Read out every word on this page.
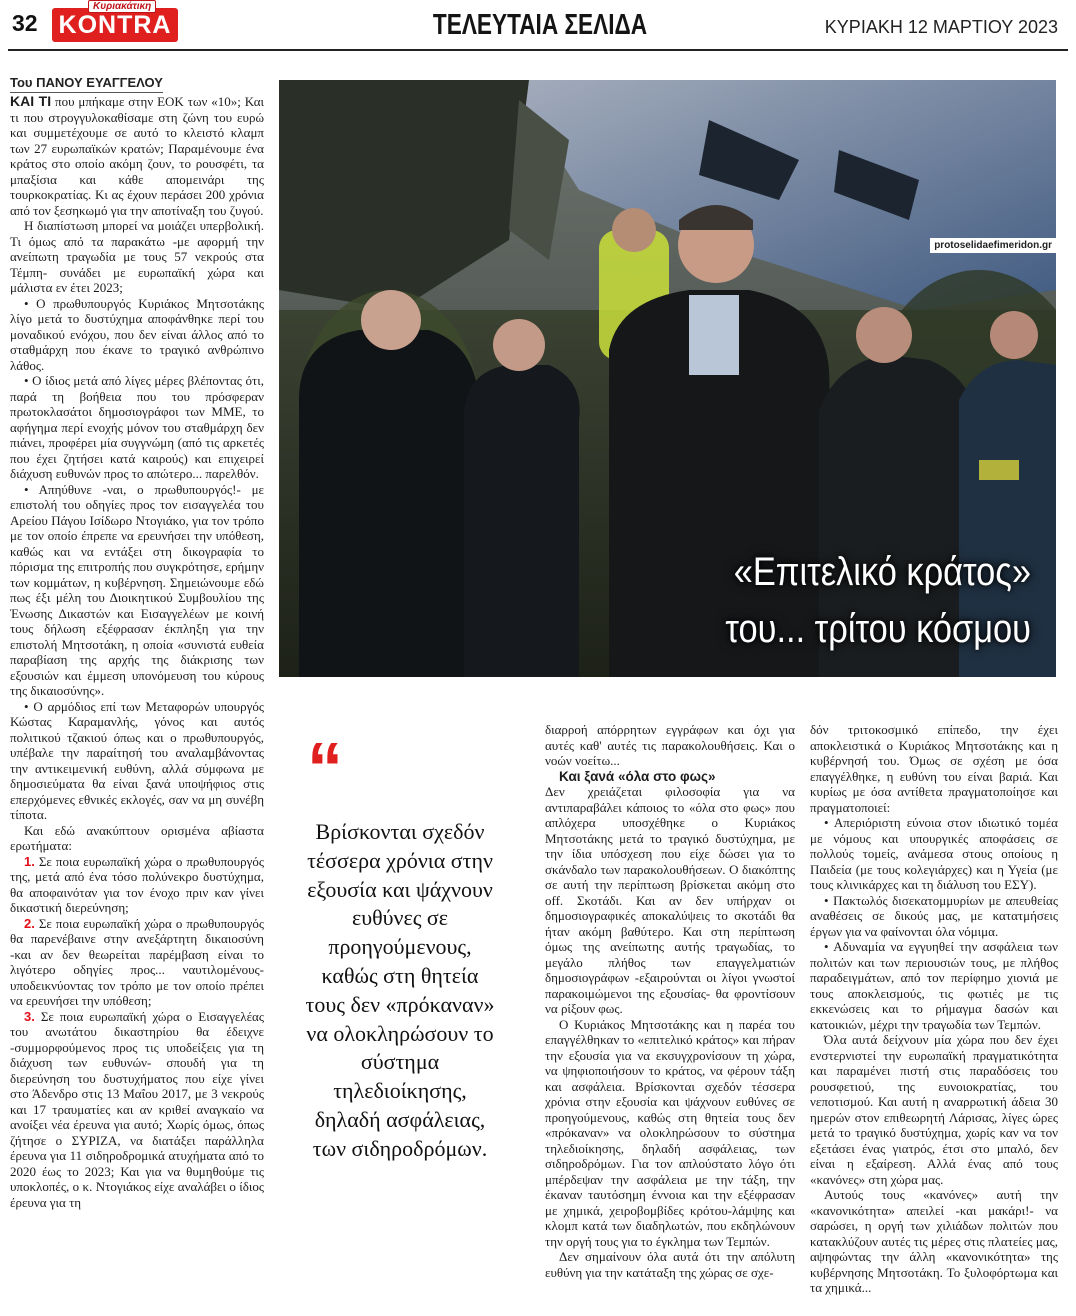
32
Κυριακάτικη
KONTRA	ΤΕΛΕΥΤΑΙΑ ΣΕΛΙΔΑ	ΚΥΡΙΑΚΗ 12 ΜΑΡΤΙΟΥ 2023
Του ΠΑΝΟΥ ΕΥΑΓΓΕΛΟΥ

ΚΑΙ ΤΙ που μπήκαμε στην ΕΟΚ των «10»; Και τι που στρογγυλοκαθίσαμε στη ζώνη του ευρώ και συμμετέχουμε σε αυτό το κλειστό κλαμπ των 27 ευρωπαϊκών κρατών; Παραμένουμε ένα κράτος στο οποίο ακόμη ζουν, το ρουσφέτι, τα μπαξίσια και κάθε απομεινάρι της τουρκοκρατίας. Κι ας έχουν περάσει 200 χρόνια από τον ξεσηκωμό για την αποτίναξη του ζυγού.

Η διαπίστωση μπορεί να μοιάζει υπερβολική. Τι όμως από τα παρακάτω -με αφορμή την ανείπωτη τραγωδία με τους 57 νεκρούς στα Τέμπη- συνάδει με ευρωπαϊκή χώρα και μάλιστα εν έτει 2023;

• Ο πρωθυπουργός Κυριάκος Μητσοτάκης λίγο μετά το δυστύχημα αποφάνθηκε περί του μοναδικού ενόχου, που δεν είναι άλλος από το σταθμάρχη που έκανε το τραγικό ανθρώπινο λάθος.

• Ο ίδιος μετά από λίγες μέρες βλέποντας ότι, παρά τη βοήθεια που του πρόσφεραν πρωτοκλασάτοι δημοσιογράφοι των ΜΜΕ, το αφήγημα περί ενοχής μόνον του σταθμάρχη δεν πιάνει, προφέρει μία συγγνώμη (από τις αρκετές που έχει ζητήσει κατά καιρούς) και επιχειρεί διάχυση ευθυνών προς το απώτερο... παρελθόν.

• Απηύθυνε -ναι, ο πρωθυπουργός!- με επιστολή του οδηγίες προς τον εισαγγελέα του Αρείου Πάγου Ισίδωρο Ντογιάκο, για τον τρόπο με τον οποίο έπρεπε να ερευνήσει την υπόθεση, καθώς και να εντάξει στη δικογραφία το πόρισμα της επιτροπής που συγκρότησε, ερήμην των κομμάτων, η κυβέρνηση. Σημειώνουμε εδώ πως έξι μέλη του Διοικητικού Συμβουλίου της Ένωσης Δικαστών και Εισαγγελέων με κοινή τους δήλωση εξέφρασαν έκπληξη για την επιστολή Μητσοτάκη, η οποία «συνιστά ευθεία παραβίαση της αρχής της διάκρισης των εξουσιών και έμμεση υπονόμευση του κύρους της δικαιοσύνης».

• Ο αρμόδιος επί των Μεταφορών υπουργός Κώστας Καραμανλής, γόνος και αυτός πολιτικού τζακιού όπως και ο πρωθυπουργός, υπέβαλε την παραίτησή του αναλαμβάνοντας την αντικειμενική ευθύνη, αλλά σύμφωνα με δημοσιεύματα θα είναι ξανά υποψήφιος στις επερχόμενες εθνικές εκλογές, σαν να μη συνέβη τίποτα.

Και εδώ ανακύπτουν ορισμένα αβίαστα ερωτήματα:

1. Σε ποια ευρωπαϊκή χώρα ο πρωθυπουργός της, μετά από ένα τόσο πολύνεκρο δυστύχημα, θα αποφαινόταν για τον ένοχο πριν καν γίνει δικαστική διερεύνηση;

2. Σε ποια ευρωπαϊκή χώρα ο πρωθυπουργός θα παρενέβαινε στην ανεξάρτητη δικαιοσύνη -και αν δεν θεωρείται παρέμβαση είναι το λιγότερο οδηγίες προς... ναυτιλομένους- υποδεικνύοντας τον τρόπο με τον οποίο πρέπει να ερευνήσει την υπόθεση;

3. Σε ποια ευρωπαϊκή χώρα ο Εισαγγελέας του ανωτάτου δικαστηρίου θα έδειχνε -συμμορφούμενος προς τις υποδείξεις για τη διάχυση των ευθυνών- σπουδή για τη διερεύνηση του δυστυχήματος που είχε γίνει στο Άδενδρο στις 13 Μαΐου 2017, με 3 νεκρούς και 17 τραυματίες και αν κριθεί αναγκαίο να ανοίξει νέα έρευνα για αυτό; Χωρίς όμως, όπως ζήτησε ο ΣΥΡΙΖΑ, να διατάξει παράλληλα έρευνα για 11 σιδηροδρομικά ατυχήματα από το 2020 έως το 2023; Και για να θυμηθούμε τις υποκλοπές, ο κ. Ντογιάκος είχε αναλάβει ο ίδιος έρευνα για τη

protoselidaefimeridon.gr
«Επιτελικό κράτος»
του... τρίτου κόσμου
“
Βρίσκονται σχεδόν τέσσερα χρόνια στην εξουσία και ψάχνουν ευθύνες σε προηγούμενους, καθώς στη θητεία τους δεν «πρόκαναν» να ολοκληρώσουν το σύστημα τηλεδιοίκησης, δηλαδή ασφάλειας, των σιδηροδρόμων.

διαρροή απόρρητων εγγράφων και όχι για αυτές καθ' αυτές τις παρακολουθήσεις. Και ο νοών νοείτω...

Και ξανά «όλα στο φως»

Δεν χρειάζεται φιλοσοφία για να αντιπαραβάλει κάποιος το «όλα στο φως» που απλόχερα υποσχέθηκε ο Κυριάκος Μητσοτάκης μετά το τραγικό δυστύχημα, με την ίδια υπόσχεση που είχε δώσει για το σκάνδαλο των παρακολουθήσεων. Ο διακόπτης σε αυτή την περίπτωση βρίσκεται ακόμη στο off. Σκοτάδι. Και αν δεν υπήρχαν οι δημοσιογραφικές αποκαλύψεις το σκοτάδι θα ήταν ακόμη βαθύτερο. Και στη περίπτωση όμως της ανείπωτης αυτής τραγωδίας, το μεγάλο πλήθος των επαγγελματιών δημοσιογράφων -εξαιρούνται οι λίγοι γνωστοί παρακοιμώμενοι της εξουσίας- θα φροντίσουν να ρίξουν φως.

Ο Κυριάκος Μητσοτάκης και η παρέα του επαγγέλθηκαν το «επιτελικό κράτος» και πήραν την εξουσία για να εκσυγχρονίσουν τη χώρα, να ψηφιοποιήσουν το κράτος, να φέρουν τάξη και ασφάλεια. Βρίσκονται σχεδόν τέσσερα χρόνια στην εξουσία και ψάχνουν ευθύνες σε προηγούμενους, καθώς στη θητεία τους δεν «πρόκαναν» να ολοκληρώσουν το σύστημα τηλεδιοίκησης, δηλαδή ασφάλειας, των σιδηροδρόμων. Για τον απλούστατο λόγο ότι μπέρδεψαν την ασφάλεια με την τάξη, την έκαναν ταυτόσημη έννοια και την εξέφρασαν με χημικά, χειροβομβίδες κρότου-λάμψης και κλομπ κατά των διαδηλωτών, που εκδηλώνουν την οργή τους για το έγκλημα των Τεμπών.

Δεν σημαίνουν όλα αυτά ότι την απόλυτη ευθύνη για την κατάταξη της χώρας σε σχε-

δόν τριτοκοσμικό επίπεδο, την έχει αποκλειστικά ο Κυριάκος Μητσοτάκης και η κυβέρνησή του. Όμως σε σχέση με όσα επαγγέλθηκε, η ευθύνη του είναι βαριά. Και κυρίως με όσα αντίθετα πραγματοποίησε και πραγματοποιεί:

• Απεριόριστη εύνοια στον ιδιωτικό τομέα με νόμους και υπουργικές αποφάσεις σε πολλούς τομείς, ανάμεσα στους οποίους η Παιδεία (με τους κολεγιάρχες) και η Υγεία (με τους κλινικάρχες και τη διάλυση του ΕΣΥ).

• Πακτωλός δισεκατομμυρίων με απευθείας αναθέσεις σε δικούς μας, με κατατμήσεις έργων για να φαίνονται όλα νόμιμα.

• Αδυναμία να εγγυηθεί την ασφάλεια των πολιτών και των περιουσιών τους, με πλήθος παραδειγμάτων, από τον περίφημο χιονιά με τους αποκλεισμούς, τις φωτιές με τις εκκενώσεις και το ρήμαγμα δασών και κατοικιών, μέχρι την τραγωδία των Τεμπών.

Όλα αυτά δείχνουν μία χώρα που δεν έχει ενστερνιστεί την ευρωπαϊκή πραγματικότητα και παραμένει πιστή στις παραδόσεις του ρουσφετιού, της ευνοιοκρατίας, του νεποτισμού. Και αυτή η αναρρωτική άδεια 30 ημερών στον επιθεωρητή Λάρισας, λίγες ώρες μετά το τραγικό δυστύχημα, χωρίς καν να τον εξετάσει ένας γιατρός, έτσι στο μπαλό, δεν είναι η εξαίρεση. Αλλά ένας από τους «κανόνες» στη χώρα μας.

Αυτούς τους «κανόνες» αυτή την «κανονικότητα» απειλεί -και μακάρι!- να σαρώσει, η οργή των χιλιάδων πολιτών που κατακλύζουν αυτές τις μέρες στις πλατείες μας, αψηφώντας την άλλη «κανονικότητα» της κυβέρνησης Μητσοτάκη. Το ξυλοφόρτωμα και τα χημικά...
